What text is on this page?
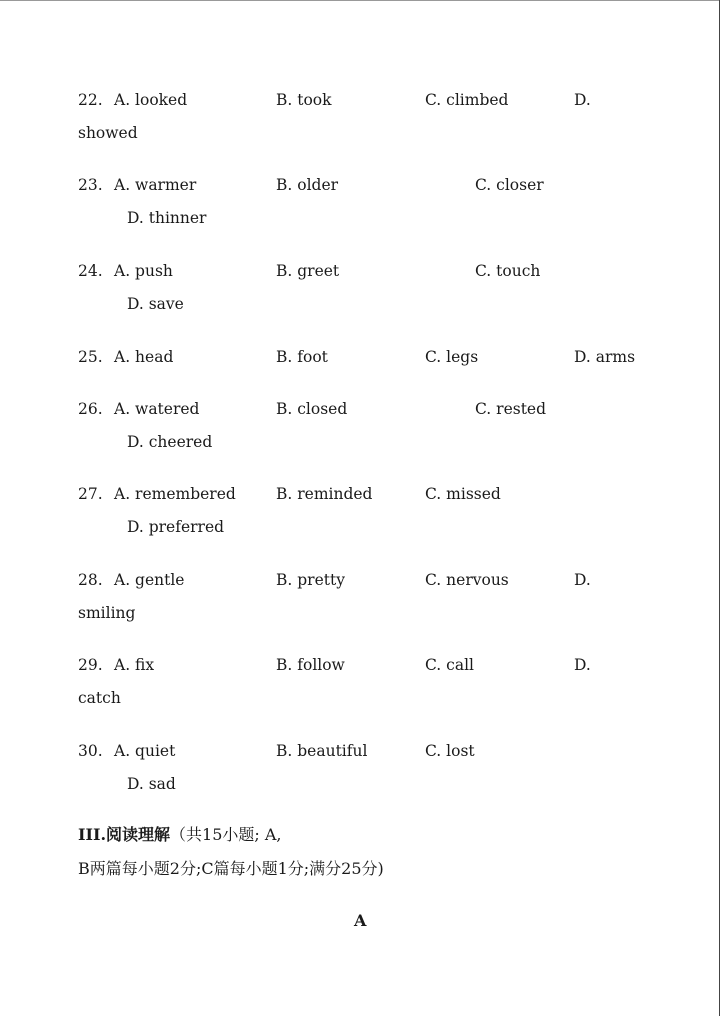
22. A. looked	B. took	C. climbed	D.
showed
23. A. warmer	B. older	C. closer
D. thinner
24. A. push	B. greet	C. touch
D. save
25. A. head	B. foot	C. legs	D. arms
26. A. watered	B. closed	C. rested
D. cheered
27. A. remembered	B. reminded	C. missed
D. preferred
28. A. gentle	B. pretty	C. nervous	D.
smiling
29. A. fix	B. follow	C. call	D.
catch
30. A. quiet	B. beautiful	C. lost
D. sad
III.阅读理解（共15小题; A,
B两篇每小题2分;C篇每小题1分;满分25分)
A
